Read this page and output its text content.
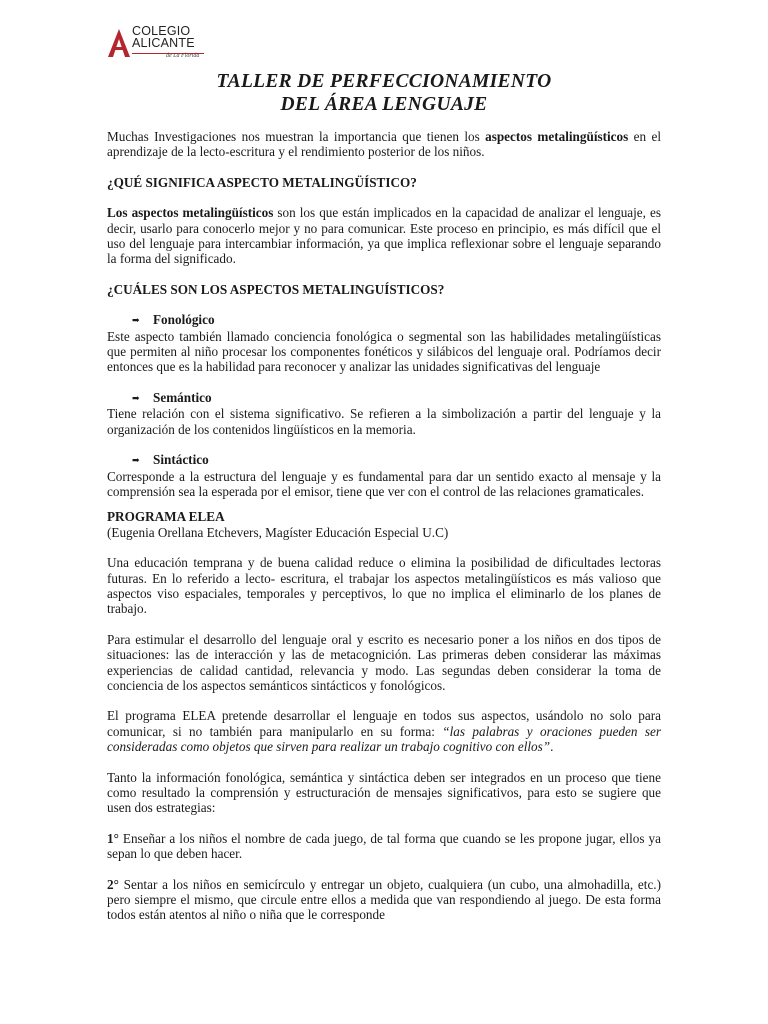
COLEGIO
ALICANTE
de La Florida
TALLER DE PERFECCIONAMIENTO
DEL ÁREA LENGUAJE

Muchas Investigaciones nos muestran la importancia que tienen los aspectos metalingüísticos en el aprendizaje de la lecto-escritura y el rendimiento posterior de los niños.

¿QUÉ SIGNIFICA ASPECTO METALINGÜÍSTICO?

Los aspectos metalingüísticos son los que están implicados en la capacidad de analizar el lenguaje, es decir, usarlo para conocerlo mejor y no para comunicar. Este proceso en principio, es más difícil que el uso del lenguaje para intercambiar información, ya que implica reflexionar sobre el lenguaje separando la forma del significado.

¿CUÁLES SON LOS ASPECTOS METALINGUÍSTICOS?

➡ Fonológico

Este aspecto también llamado conciencia fonológica o segmental son las habilidades metalingüísticas que permiten al niño procesar los componentes fonéticos y silábicos del lenguaje oral. Podríamos decir entonces que es la habilidad para reconocer y analizar las unidades significativas del lenguaje

➡ Semántico

Tiene relación con el sistema significativo. Se refieren a la simbolización a partir del lenguaje y la organización de los contenidos lingüísticos en la memoria.

➡ Sintáctico

Corresponde a la estructura del lenguaje y es fundamental para dar un sentido exacto al mensaje y la comprensión sea la esperada por el emisor, tiene que ver con el control de las relaciones gramaticales.

PROGRAMA ELEA

(Eugenia Orellana Etchevers, Magíster Educación Especial U.C)

Una educación temprana y de buena calidad reduce o elimina la posibilidad de dificultades lectoras futuras. En lo referido a lecto- escritura, el trabajar los aspectos metalingüísticos es más valioso que aspectos viso espaciales, temporales y perceptivos, lo que no implica el eliminarlo de los planes de trabajo.

Para estimular el desarrollo del lenguaje oral y escrito es necesario poner a los niños en dos tipos de situaciones: las de interacción y las de metacognición. Las primeras deben considerar las máximas experiencias de calidad cantidad, relevancia y modo. Las segundas deben considerar la toma de conciencia de los aspectos semánticos sintácticos y fonológicos.

El programa ELEA pretende desarrollar el lenguaje en todos sus aspectos, usándolo no solo para comunicar, si no también para manipularlo en su forma: “las palabras y oraciones pueden ser consideradas como objetos que sirven para realizar un trabajo cognitivo con ellos”.

Tanto la información fonológica, semántica y sintáctica deben ser integrados en un proceso que tiene como resultado la comprensión y estructuración de mensajes significativos, para esto se sugiere que usen dos estrategias:

1° Enseñar a los niños el nombre de cada juego, de tal forma que cuando se les propone jugar, ellos ya sepan lo que deben hacer.

2° Sentar a los niños en semicírculo y entregar un objeto, cualquiera (un cubo, una almohadilla, etc.) pero siempre el mismo, que circule entre ellos a medida que van respondiendo al juego. De esta forma todos están atentos al niño o niña que le corresponde
